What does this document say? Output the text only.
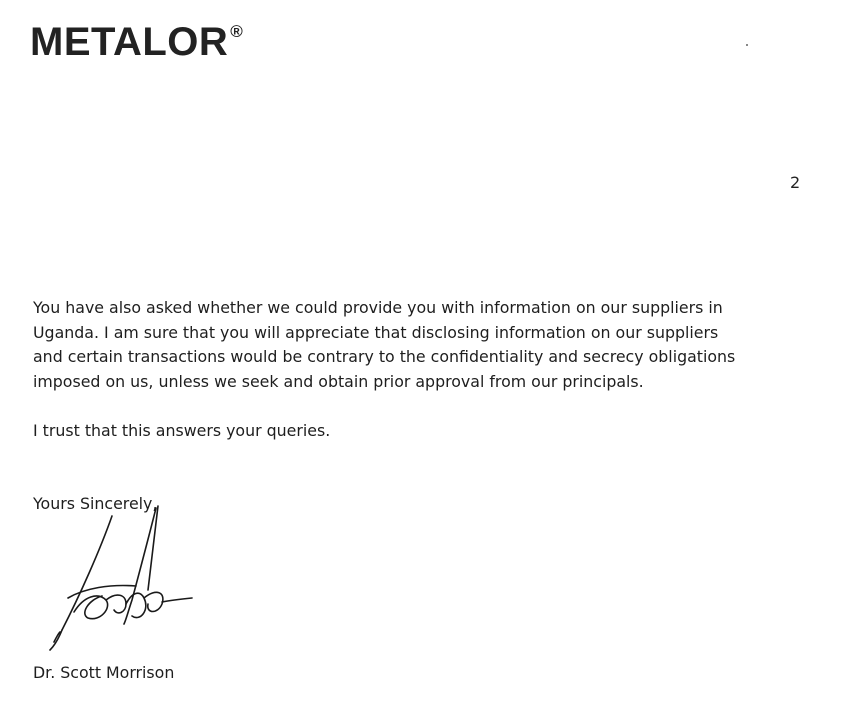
METALOR ®
2

You have also asked whether we could provide you with information on our suppliers in
Uganda. I am sure that you will appreciate that disclosing information on our suppliers
and certain transactions would be contrary to the confidentiality and secrecy obligations
imposed on us, unless we seek and obtain prior approval from our principals.

I trust that this answers your queries.
Yours Sincerely,
Dr. Scott Morrison
